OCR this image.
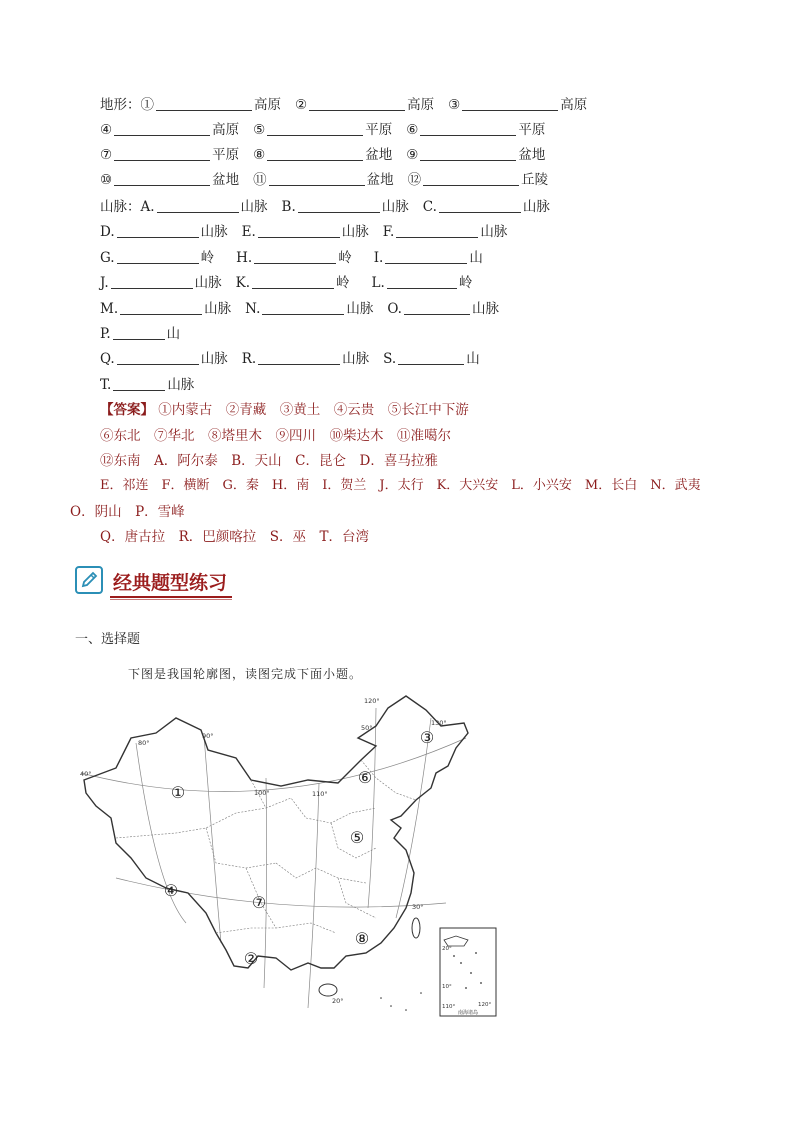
地形：①	高原 ②	高原 ③	高原
④	高原 ⑤	平原 ⑥	平原
⑦	平原 ⑧	盆地 ⑨	盆地
⑩	盆地 ⑪	盆地 ⑫	丘陵
山脉：A.	山脉 B.	山脉 C.	山脉
D.	山脉 E.	山脉 F.	山脉
G.	岭 H.	岭 I.	山
J.	山脉 K.	岭 L.	岭
M.	山脉 N.	山脉 O.	山脉
P.	山
Q.	山脉 R.	山脉 S.	山
T.	山脉
【答案】 ①内蒙古　②青藏　③黄土　④云贵　⑤长江中下游
⑥东北　⑦华北　⑧塔里木　⑨四川　⑩柴达木　⑪准噶尔
⑫东南　A．阿尔泰　B．天山　C．昆仑　D．喜马拉雅
E．祁连　F．横断　G．秦　H．南　I．贺兰　J．太行　K．大兴安　L．小兴安　M．长白　N．武夷
O．阴山　P．雪峰
Q．唐古拉　R．巴颜喀拉　S．巫　T．台湾
经典题型练习
一、选择题
下图是我国轮廓图，读图完成下面小题。
①
②
③
④
⑤
⑥
⑦
⑧
120°
130°
50°
80°
90°
40°
100°	110°
30°
20°
20°
10°
110°	120°
南海诸岛
